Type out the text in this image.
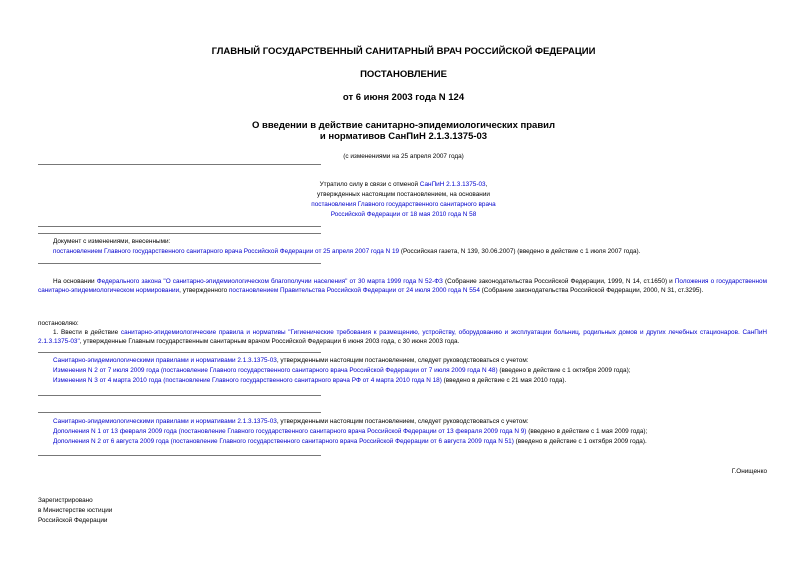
ГЛАВНЫЙ ГОСУДАРСТВЕННЫЙ САНИТАРНЫЙ ВРАЧ РОССИЙСКОЙ ФЕДЕРАЦИИ
ПОСТАНОВЛЕНИЕ
от 6 июня 2003 года N 124
О введении в действие санитарно-эпидемиологических правил
и нормативов СанПиН 2.1.3.1375-03
(с изменениями на 25 апреля 2007 года)
Утратило силу в связи с отменой СанПиН 2.1.3.1375-03,
утвержденных настоящим постановлением, на основании
постановления Главного государственного санитарного врача
Российской Федерации от 18 мая 2010 года N 58
Документ с изменениями, внесенными:
постановлением Главного государственного санитарного врача Российской Федерации от 25 апреля 2007 года N 19 (Российская газета, N 139, 30.06.2007) (введено в действие с 1 июля 2007 года).
На основании Федерального закона "О санитарно-эпидемиологическом благополучии населения" от 30 марта 1999 года N 52-ФЗ (Собрание законодательства Российской Федерации, 1999, N 14, ст.1650) и Положения о государственном санитарно-эпидемиологическом нормировании, утвержденного постановлением Правительства Российской Федерации от 24 июля 2000 года N 554 (Собрание законодательства Российской Федерации, 2000, N 31, ст.3295).
постановляю:
1. Ввести в действие санитарно-эпидемиологические правила и нормативы "Гигиенические требования к размещению, устройству, оборудованию и эксплуатации больниц, родильных домов и других лечебных стационаров. СанПиН 2.1.3.1375-03", утвержденные Главным государственным санитарным врачом Российской Федерации 6 июня 2003 года, с 30 июня 2003 года.
Санитарно-эпидемиологическими правилами и нормативами 2.1.3.1375-03, утвержденными настоящим постановлением, следует руководствоваться с учетом:
Изменения N 2 от 7 июля 2009 года (постановление Главного государственного санитарного врача Российской Федерации от 7 июля 2009 года N 48) (введено в действие с 1 октября 2009 года);
Изменения N 3 от 4 марта 2010 года (постановление Главного государственного санитарного врача РФ от 4 марта 2010 года N 18) (введено в действие с 21 мая 2010 года).
Санитарно-эпидемиологическими правилами и нормативами 2.1.3.1375-03, утвержденными настоящим постановлением, следует руководствоваться с учетом:
Дополнения N 1 от 13 февраля 2009 года (постановление Главного государственного санитарного врача Российской Федерации от 13 февраля 2009 года N 9) (введено в действие с 1 мая 2009 года);
Дополнения N 2 от 6 августа 2009 года (постановление Главного государственного санитарного врача Российской Федерации от 6 августа 2009 года N 51) (введено в действие с 1 октября 2009 года).
Г.Онищенко
Зарегистрировано
в Министерстве юстиции
Российской Федерации
